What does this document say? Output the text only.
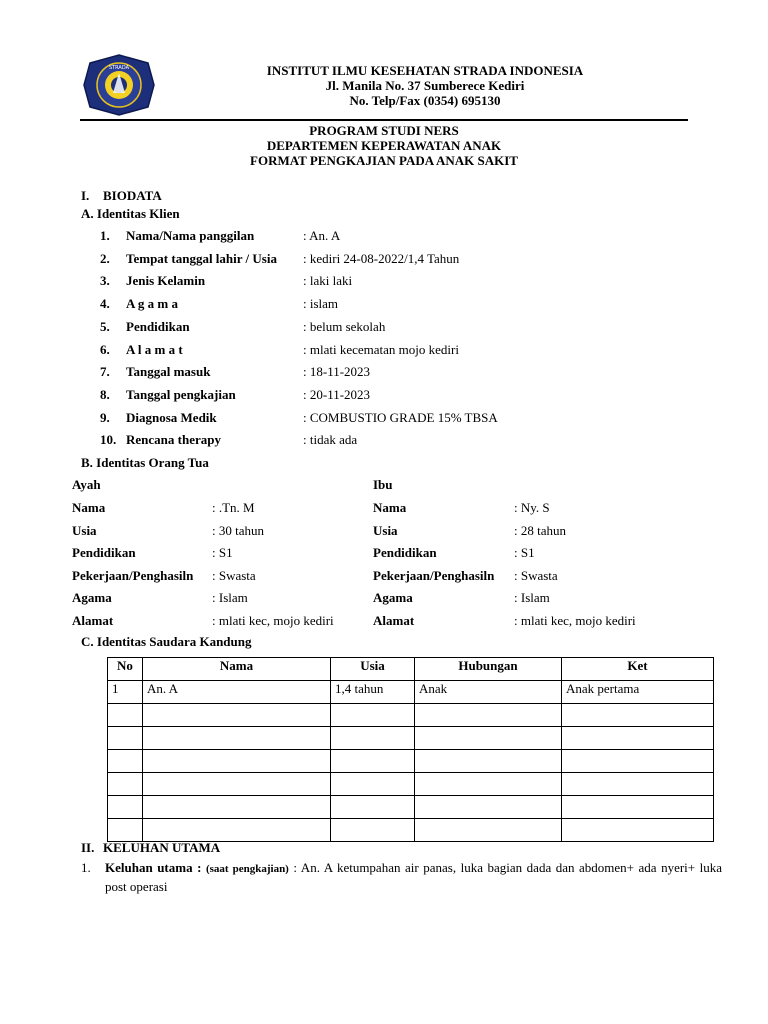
STRADA	INSTITUT ILMU KESEHATAN STRADA INDONESIA
Jl. Manila No. 37 Sumberece Kediri
No. Telp/Fax (0354) 695130
PROGRAM STUDI NERS
DEPARTEMEN KEPERAWATAN ANAK
FORMAT PENGKAJIAN PADA ANAK SAKIT
I. BIODATA
A. Identitas Klien
1. Nama/Nama panggilan	: An. A
2. Tempat tanggal lahir / Usia : kediri 24-08-2022/1,4 Tahun
3. Jenis Kelamin	: laki laki
4. A g a m a	: islam
5. Pendidikan	: belum sekolah
6. A l a m a t	: mlati kecematan mojo kediri
7. Tanggal masuk	: 18-11-2023
8. Tanggal pengkajian	: 20-11-2023
9. Diagnosa Medik	: COMBUSTIO GRADE 15% TBSA
10. Rencana therapy	: tidak ada
B. Identitas Orang Tua
Ayah	Ibu
Nama	: .Tn. M
Usia	: 30 tahun
Pendidikan	: S1
Pekerjaan/Penghasiln : Swasta
Agama	: Islam
Alamat	: mlati kec, mojo kediri
Nama	: Ny. S
Usia	: 28 tahun
Pendidikan	: S1
Pekerjaan/Penghasiln : Swasta
Agama	: Islam
Alamat	: mlati kec, mojo kediri
C. Identitas Saudara Kandung
No	Nama	Usia	Hubungan	Ket
1	An. A	1,4 tahun	Anak	Anak pertama

II. KELUHAN UTAMA
1. Keluhan utama : (saat pengkajian) : An. A ketumpahan air panas, luka bagian dada dan abdomen+ ada nyeri+ luka post operasi
